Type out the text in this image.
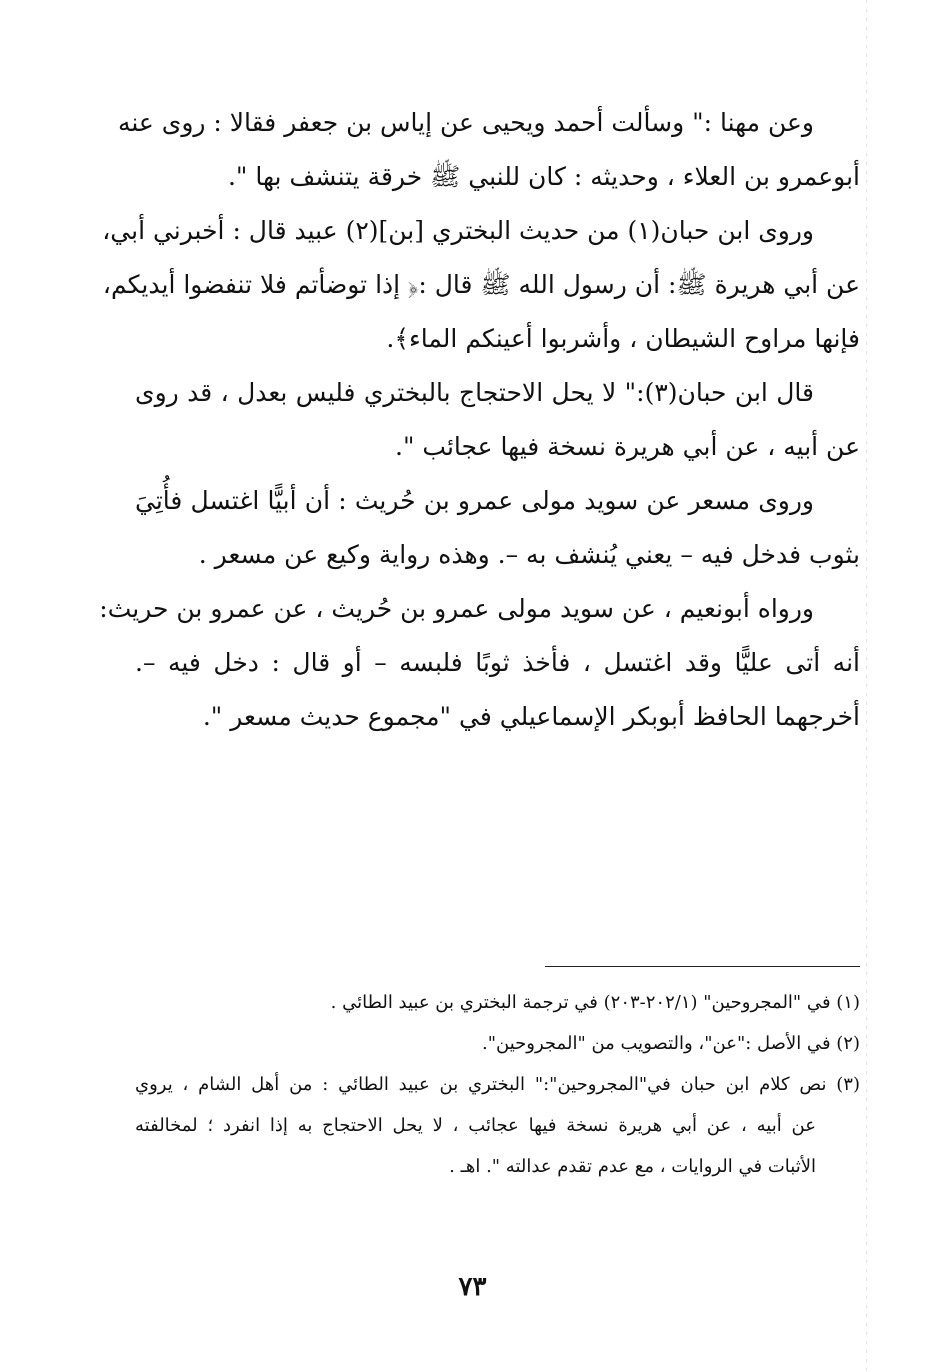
وعن مهنا :" وسألت أحمد ويحيى عن إياس بن جعفر فقالا : روى عنه
أبوعمرو بن العلاء ، وحديثه : كان للنبي ﷺ خرقة يتنشف بها ".
وروى ابن حبان(١) من حديث البختري [بن](٢) عبيد قال : أخبرني أبي،
عن أبي هريرة ﷺ: أن رسول الله ﷺ قال :﴿ إذا توضأتم فلا تنفضوا أيديكم،
فإنها مراوح الشيطان ، وأشربوا أعينكم الماء﴾.
قال ابن حبان(٣):" لا يحل الاحتجاج بالبختري فليس بعدل ، قد روى
عن أبيه ، عن أبي هريرة نسخة فيها عجائب ".
وروى مسعر عن سويد مولى عمرو بن حُريث : أن أبيًّا اغتسل فأُتِيَ
بثوب فدخل فيه – يعني يُنشف به –. وهذه رواية وكيع عن مسعر .
ورواه أبونعيم ، عن سويد مولى عمرو بن حُريث ، عن عمرو بن حريث:
أنه أتى عليًّا وقد اغتسل ، فأخذ ثوبًا فلبسه – أو قال : دخل فيه –.
أخرجهما الحافظ أبوبكر الإسماعيلي في "مجموع حديث مسعر ".
(١) في "المجروحين" (٢٠٢/١-٢٠٣) في ترجمة البختري بن عبيد الطائي .
(٢) في الأصل :"عن"، والتصويب من "المجروحين".
(٣) نص كلام ابن حبان في"المجروحين":" البختري بن عبيد الطائي : من أهل الشام ، يروي
عن أبيه ، عن أبي هريرة نسخة فيها عجائب ، لا يحل الاحتجاج به إذا انفرد ؛ لمخالفته
الأثبات في الروايات ، مع عدم تقدم عدالته ". اهـ .
٧٣
